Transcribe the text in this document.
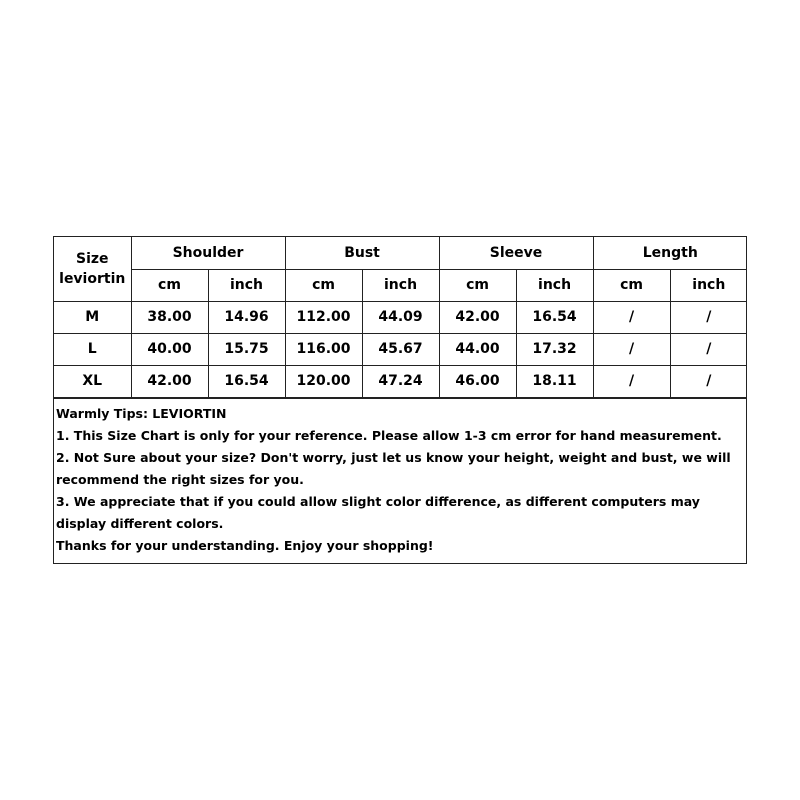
Size
leviortin	Shoulder		Bust		Sleeve		Length	
	cm	inch	cm	inch	cm	inch	cm	inch
M	38.00	14.96	112.00	44.09	42.00	16.54	/	/
L	40.00	15.75	116.00	45.67	44.00	17.32	/	/
XL	42.00	16.54	120.00	47.24	46.00	18.11	/	/

Warmly Tips: LEVIORTIN

1. This Size Chart is only for your reference. Please allow 1-3 cm error for hand measurement.

2. Not Sure about your size? Don't worry, just let us know your height, weight and bust, we will recommend the right sizes for you.

3. We appreciate that if you could allow slight color difference, as different computers may display different colors.

Thanks for your understanding. Enjoy your shopping!
